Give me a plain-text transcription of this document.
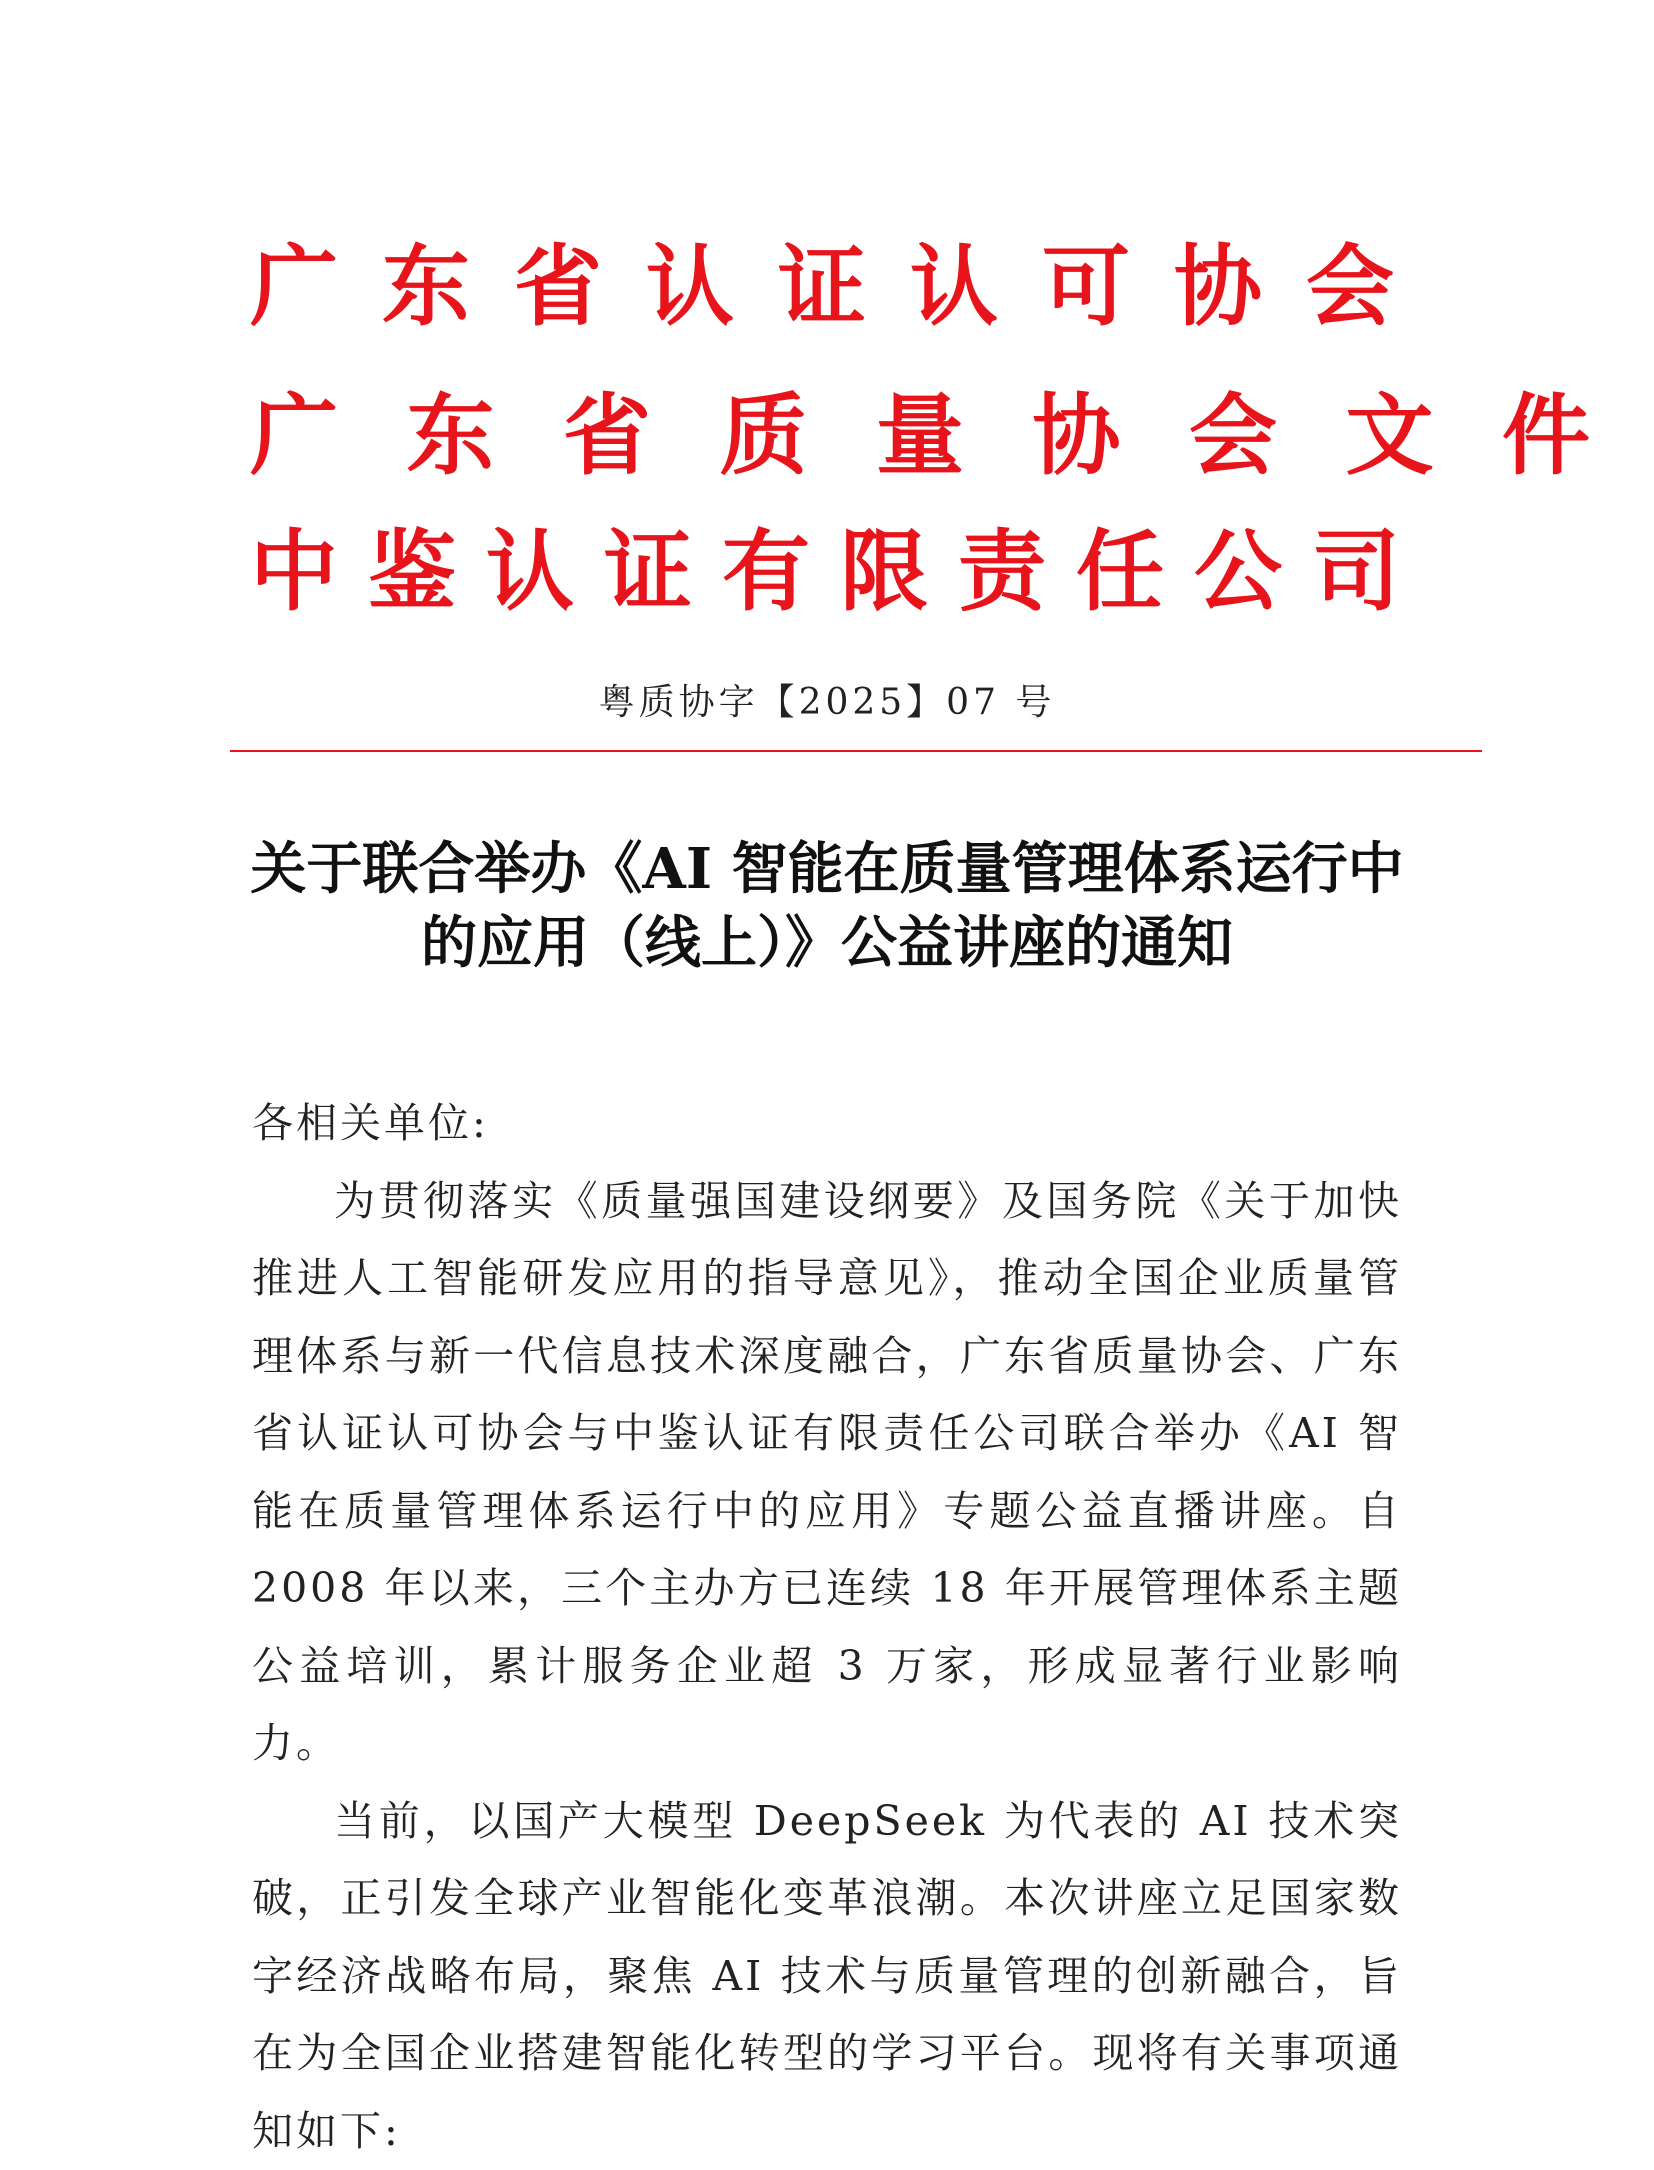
广东省认证认可协会
广东省质量协会文件
中鉴认证有限责任公司
粤质协字【2025】07 号
关于联合举办《AI 智能在质量管理体系运行中的应用（线上）》公益讲座的通知

各相关单位:

为贯彻落实《质量强国建设纲要》及国务院《关于加快推进人工智能研发应用的指导意见》，推动全国企业质量管理体系与新一代信息技术深度融合，广东省质量协会、广东省认证认可协会与中鉴认证有限责任公司联合举办《AI 智能在质量管理体系运行中的应用》专题公益直播讲座。自 2008 年以来，三个主办方已连续 18 年开展管理体系主题公益培训，累计服务企业超 3 万家，形成显著行业影响力。

当前，以国产大模型 DeepSeek 为代表的 AI 技术突破，正引发全球产业智能化变革浪潮。本次讲座立足国家数字经济战略布局，聚焦 AI 技术与质量管理的创新融合，旨在为全国企业搭建智能化转型的学习平台。现将有关事项通知如下:
